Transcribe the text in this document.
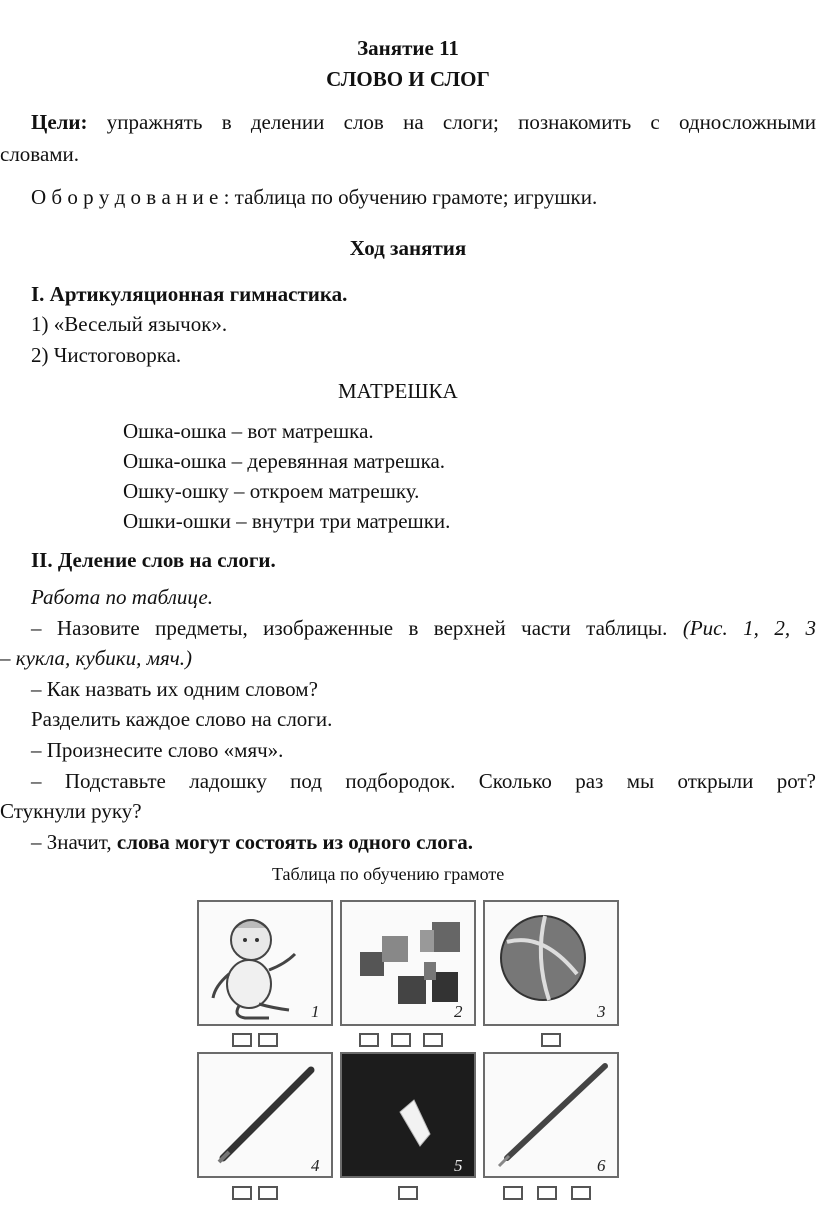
Занятие 11
СЛОВО И СЛОГ
Цели: упражнять в делении слов на слоги; познакомить с односложными
словами.
О б о р у д о в а н и е : таблица по обучению грамоте; игрушки.
Ход занятия
I. Артикуляционная гимнастика.
1) «Веселый язычок».
2) Чистоговорка.
МАТРЕШКА
Ошка-ошка – вот матрешка.
Ошка-ошка – деревянная матрешка.
Ошку-ошку – откроем матрешку.
Ошки-ошки – внутри три матрешки.
II. Деление слов на слоги.
Работа по таблице.
– Назовите предметы, изображенные в верхней части таблицы. (Рис. 1, 2, 3
– кукла, кубики, мяч.)
– Как назвать их одним словом?
Разделить каждое слово на слоги.
– Произнесите слово «мяч».
– Подставьте ладошку под подбородок. Сколько раз мы открыли рот?
Стукнули руку?
– Значит, слова могут состоять из одного слога.
Таблица по обучению грамоте
1	2	3
4	5	6
